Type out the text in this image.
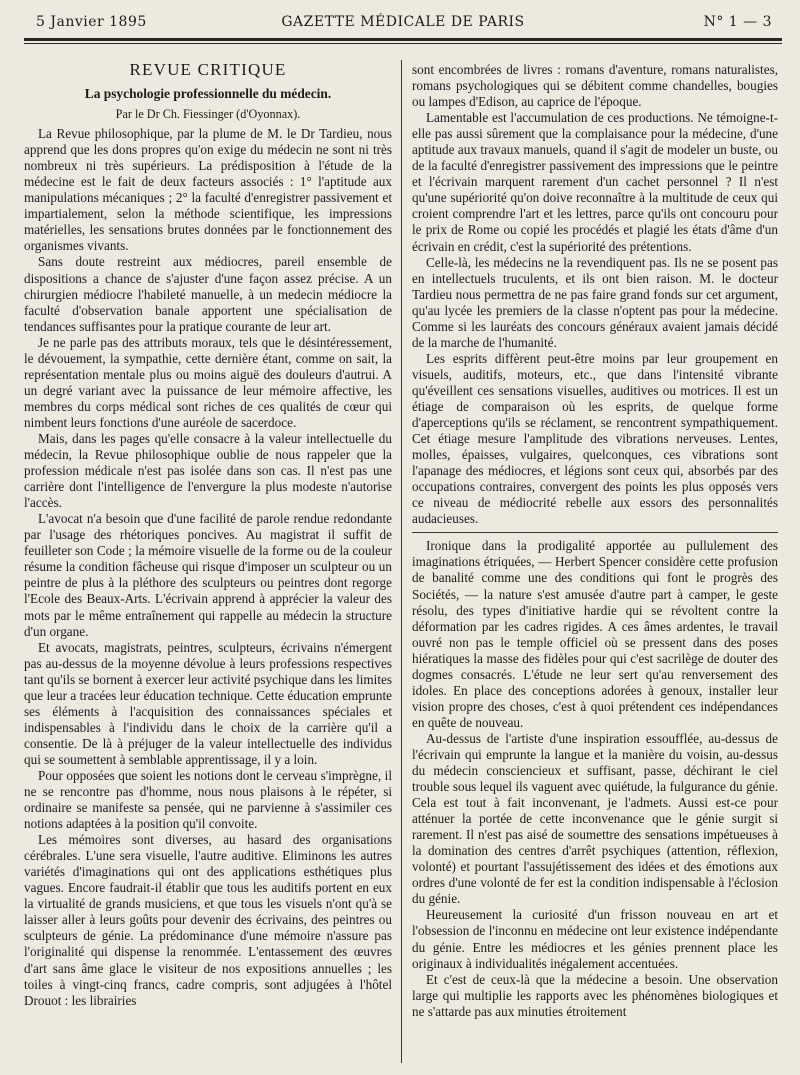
5 Janvier 1895	GAZETTE MÉDICALE DE PARIS	N° 1 — 3
REVUE CRITIQUE
La psychologie professionnelle du médecin.
Par le Dr Ch. Fiessinger (d'Oyonnax).

La Revue philosophique, par la plume de M. le Dr Tardieu, nous apprend que les dons propres qu'on exige du médecin ne sont ni très nombreux ni très supérieurs. La prédisposition à l'étude de la médecine est le fait de deux facteurs associés : 1° l'aptitude aux manipulations mécaniques ; 2° la faculté d'enregistrer passivement et impartialement, selon la méthode scientifique, les impressions matérielles, les sensations brutes données par le fonctionnement des organismes vivants.

Sans doute restreint aux médiocres, pareil ensemble de dispositions a chance de s'ajuster d'une façon assez précise. A un chirurgien médiocre l'habileté manuelle, à un medecin médiocre la faculté d'observation banale apportent une spécialisation de tendances suffisantes pour la pratique courante de leur art.

Je ne parle pas des attributs moraux, tels que le désintéressement, le dévouement, la sympathie, cette dernière étant, comme on sait, la représentation mentale plus ou moins aiguë des douleurs d'autrui. A un degré variant avec la puissance de leur mémoire affective, les membres du corps médical sont riches de ces qualités de cœur qui nimbent leurs fonctions d'une auréole de sacerdoce.

Mais, dans les pages qu'elle consacre à la valeur intellectuelle du médecin, la Revue philosophique oublie de nous rappeler que la profession médicale n'est pas isolée dans son cas. Il n'est pas une carrière dont l'intelligence de l'envergure la plus modeste n'autorise l'accès.

L'avocat n'a besoin que d'une facilité de parole rendue redondante par l'usage des rhétoriques poncives. Au magistrat il suffit de feuilleter son Code ; la mémoire visuelle de la forme ou de la couleur résume la condition fâcheuse qui risque d'imposer un sculpteur ou un peintre de plus à la pléthore des sculpteurs ou peintres dont regorge l'Ecole des Beaux-Arts. L'écrivain apprend à apprécier la valeur des mots par le même entraînement qui rappelle au médecin la structure d'un organe.

Et avocats, magistrats, peintres, sculpteurs, écrivains n'émergent pas au-dessus de la moyenne dévolue à leurs professions respectives tant qu'ils se bornent à exercer leur activité psychique dans les limites que leur a tracées leur éducation technique. Cette éducation emprunte ses éléments à l'acquisition des connaissances spéciales et indispensables à l'individu dans le choix de la carrière qu'il a consentie. De là à préjuger de la valeur intellectuelle des individus qui se soumettent à semblable apprentissage, il y a loin.

Pour opposées que soient les notions dont le cerveau s'imprègne, il ne se rencontre pas d'homme, nous nous plaisons à le répéter, si ordinaire se manifeste sa pensée, qui ne parvienne à s'assimiler ces notions adaptées à la position qu'il convoite.

Les mémoires sont diverses, au hasard des organisations cérébrales. L'une sera visuelle, l'autre auditive. Eliminons les autres variétés d'imaginations qui ont des applications esthétiques plus vagues. Encore faudrait-il établir que tous les auditifs portent en eux la virtualité de grands musiciens, et que tous les visuels n'ont qu'à se laisser aller à leurs goûts pour devenir des écrivains, des peintres ou sculpteurs de génie. La prédominance d'une mémoire n'assure pas l'originalité qui dispense la renommée. L'entassement des œuvres d'art sans âme glace le visiteur de nos expositions annuelles ; les toiles à vingt-cinq francs, cadre compris, sont adjugées à l'hôtel Drouot : les librairies

sont encombrées de livres : romans d'aventure, romans naturalistes, romans psychologiques qui se débitent comme chandelles, bougies ou lampes d'Edison, au caprice de l'époque.

Lamentable est l'accumulation de ces productions. Ne témoigne-t-elle pas aussi sûrement que la complaisance pour la médecine, d'une aptitude aux travaux manuels, quand il s'agit de modeler un buste, ou de la faculté d'enregistrer passivement des impressions que le peintre et l'écrivain marquent rarement d'un cachet personnel ? Il n'est qu'une supériorité qu'on doive reconnaître à la multitude de ceux qui croient comprendre l'art et les lettres, parce qu'ils ont concouru pour le prix de Rome ou copié les procédés et plagié les états d'âme d'un écrivain en crédit, c'est la supériorité des prétentions.

Celle-là, les médecins ne la revendiquent pas. Ils ne se posent pas en intellectuels truculents, et ils ont bien raison. M. le docteur Tardieu nous permettra de ne pas faire grand fonds sur cet argument, qu'au lycée les premiers de la classe n'optent pas pour la médecine. Comme si les lauréats des concours généraux avaient jamais décidé de la marche de l'humanité.

Les esprits diffèrent peut-être moins par leur groupement en visuels, auditifs, moteurs, etc., que dans l'intensité vibrante qu'éveillent ces sensations visuelles, auditives ou motrices. Il est un étiage de comparaison où les esprits, de quelque forme d'aperceptions qu'ils se réclament, se rencontrent sympathiquement. Cet étiage mesure l'amplitude des vibrations nerveuses. Lentes, molles, épaisses, vulgaires, quelconques, ces vibrations sont l'apanage des médiocres, et légions sont ceux qui, absorbés par des occupations contraires, convergent des points les plus opposés vers ce niveau de médiocrité rebelle aux essors des personnalités audacieuses.

Ironique dans la prodigalité apportée au pullulement des imaginations étriquées, — Herbert Spencer considère cette profusion de banalité comme une des conditions qui font le progrès des Sociétés, — la nature s'est amusée d'autre part à camper, le geste résolu, des types d'initiative hardie qui se révoltent contre la déformation par les cadres rigides. A ces âmes ardentes, le travail ouvré non pas le temple officiel où se pressent dans des poses hiératiques la masse des fidèles pour qui c'est sacrilège de douter des dogmes consacrés. L'étude ne leur sert qu'au renversement des idoles. En place des conceptions adorées à genoux, installer leur vision propre des choses, c'est à quoi prétendent ces indépendances en quête de nouveau.

Au-dessus de l'artiste d'une inspiration essoufflée, au-dessus de l'écrivain qui emprunte la langue et la manière du voisin, au-dessus du médecin consciencieux et suffisant, passe, déchirant le ciel trouble sous lequel ils vaguent avec quiétude, la fulgurance du génie. Cela est tout à fait inconvenant, je l'admets. Aussi est-ce pour atténuer la portée de cette inconvenance que le génie surgit si rarement. Il n'est pas aisé de soumettre des sensations impétueuses à la domination des centres d'arrêt psychiques (attention, réflexion, volonté) et pourtant l'assujétissement des idées et des émotions aux ordres d'une volonté de fer est la condition indispensable à l'éclosion du génie.

Heureusement la curiosité d'un frisson nouveau en art et l'obsession de l'inconnu en médecine ont leur existence indépendante du génie. Entre les médiocres et les génies prennent place les originaux à individualités inégalement accentuées.

Et c'est de ceux-là que la médecine a besoin. Une observation large qui multiplie les rapports avec les phénomènes biologiques et ne s'attarde pas aux minuties étroitement
